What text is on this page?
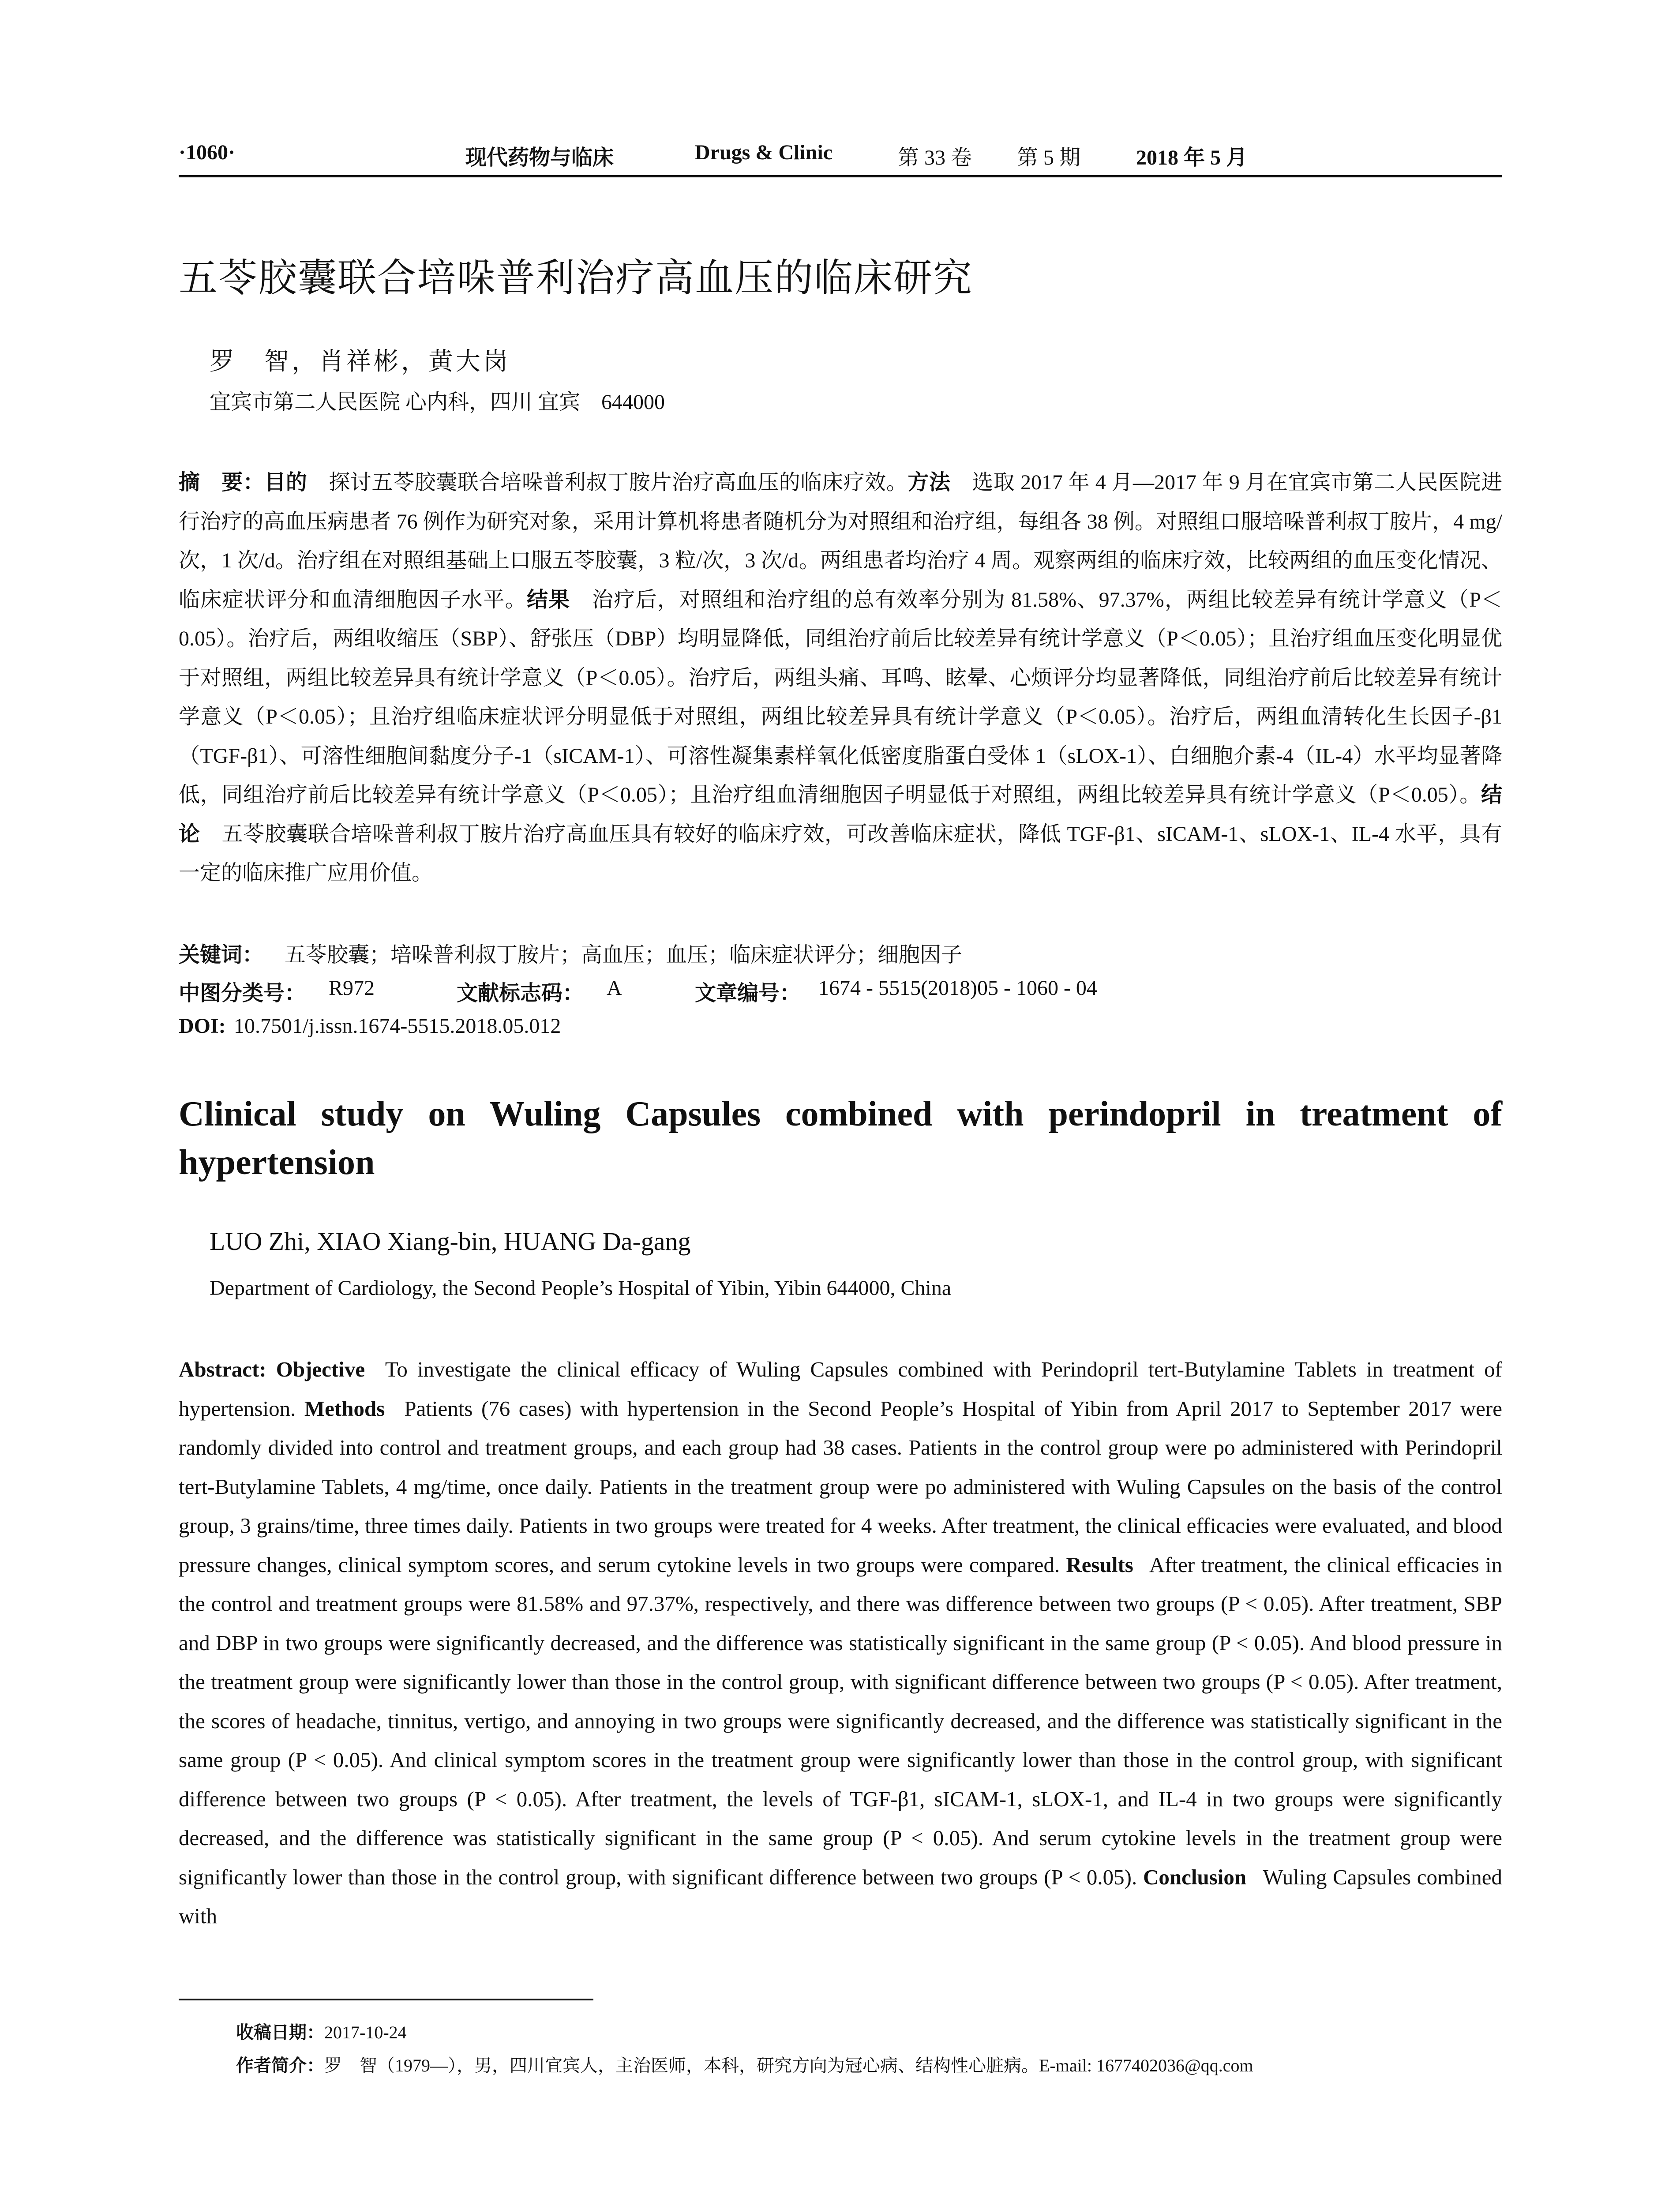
·1060·	现代药物与临床	Drugs & Clinic	第 33 卷 第 5 期	2018 年 5 月
五苓胶囊联合培哚普利治疗高血压的临床研究
罗　智，肖祥彬，黄大岗
宜宾市第二人民医院 心内科，四川 宜宾　644000
摘　要：目的  探讨五苓胶囊联合培哚普利叔丁胺片治疗高血压的临床疗效。方法  选取 2017 年 4 月—2017 年 9 月在宜宾市第二人民医院进行治疗的高血压病患者 76 例作为研究对象，采用计算机将患者随机分为对照组和治疗组，每组各 38 例。对照组口服培哚普利叔丁胺片，4 mg/次，1 次/d。治疗组在对照组基础上口服五苓胶囊，3 粒/次，3 次/d。两组患者均治疗 4 周。观察两组的临床疗效，比较两组的血压变化情况、临床症状评分和血清细胞因子水平。结果  治疗后，对照组和治疗组的总有效率分别为 81.58%、97.37%，两组比较差异有统计学意义（P＜0.05）。治疗后，两组收缩压（SBP）、舒张压（DBP）均明显降低，同组治疗前后比较差异有统计学意义（P＜0.05）；且治疗组血压变化明显优于对照组，两组比较差异具有统计学意义（P＜0.05）。治疗后，两组头痛、耳鸣、眩晕、心烦评分均显著降低，同组治疗前后比较差异有统计学意义（P＜0.05）；且治疗组临床症状评分明显低于对照组，两组比较差异具有统计学意义（P＜0.05）。治疗后，两组血清转化生长因子-β1（TGF-β1）、可溶性细胞间黏度分子-1（sICAM-1）、可溶性凝集素样氧化低密度脂蛋白受体 1（sLOX-1）、白细胞介素-4（IL-4）水平均显著降低，同组治疗前后比较差异有统计学意义（P＜0.05）；且治疗组血清细胞因子明显低于对照组，两组比较差异具有统计学意义（P＜0.05）。结论  五苓胶囊联合培哚普利叔丁胺片治疗高血压具有较好的临床疗效，可改善临床症状，降低 TGF-β1、sICAM-1、sLOX-1、IL-4 水平，具有一定的临床推广应用价值。
关键词： 五苓胶囊；培哚普利叔丁胺片；高血压；血压；临床症状评分；细胞因子
中图分类号： R972	文献标志码： A	文章编号： 1674 - 5515(2018)05 - 1060 - 04
DOI: 10.7501/j.issn.1674-5515.2018.05.012
Clinical study on Wuling Capsules combined with perindopril in treatment of hypertension
LUO Zhi, XIAO Xiang-bin, HUANG Da-gang
Department of Cardiology, the Second People’s Hospital of Yibin, Yibin 644000, China
Abstract: Objective  To investigate the clinical efficacy of Wuling Capsules combined with Perindopril tert-Butylamine Tablets in treatment of hypertension. Methods  Patients (76 cases) with hypertension in the Second People’s Hospital of Yibin from April 2017 to September 2017 were randomly divided into control and treatment groups, and each group had 38 cases. Patients in the control group were po administered with Perindopril tert-Butylamine Tablets, 4 mg/time, once daily. Patients in the treatment group were po administered with Wuling Capsules on the basis of the control group, 3 grains/time, three times daily. Patients in two groups were treated for 4 weeks. After treatment, the clinical efficacies were evaluated, and blood pressure changes, clinical symptom scores, and serum cytokine levels in two groups were compared. Results  After treatment, the clinical efficacies in the control and treatment groups were 81.58% and 97.37%, respectively, and there was difference between two groups (P < 0.05). After treatment, SBP and DBP in two groups were significantly decreased, and the difference was statistically significant in the same group (P < 0.05). And blood pressure in the treatment group were significantly lower than those in the control group, with significant difference between two groups (P < 0.05). After treatment, the scores of headache, tinnitus, vertigo, and annoying in two groups were significantly decreased, and the difference was statistically significant in the same group (P < 0.05). And clinical symptom scores in the treatment group were significantly lower than those in the control group, with significant difference between two groups (P < 0.05). After treatment, the levels of TGF-β1, sICAM-1, sLOX-1, and IL-4 in two groups were significantly decreased, and the difference was statistically significant in the same group (P < 0.05). And serum cytokine levels in the treatment group were significantly lower than those in the control group, with significant difference between two groups (P < 0.05). Conclusion  Wuling Capsules combined with
收稿日期：2017-10-24
作者简介：罗　智（1979—），男，四川宜宾人，主治医师，本科，研究方向为冠心病、结构性心脏病。E-mail: 1677402036@qq.com
